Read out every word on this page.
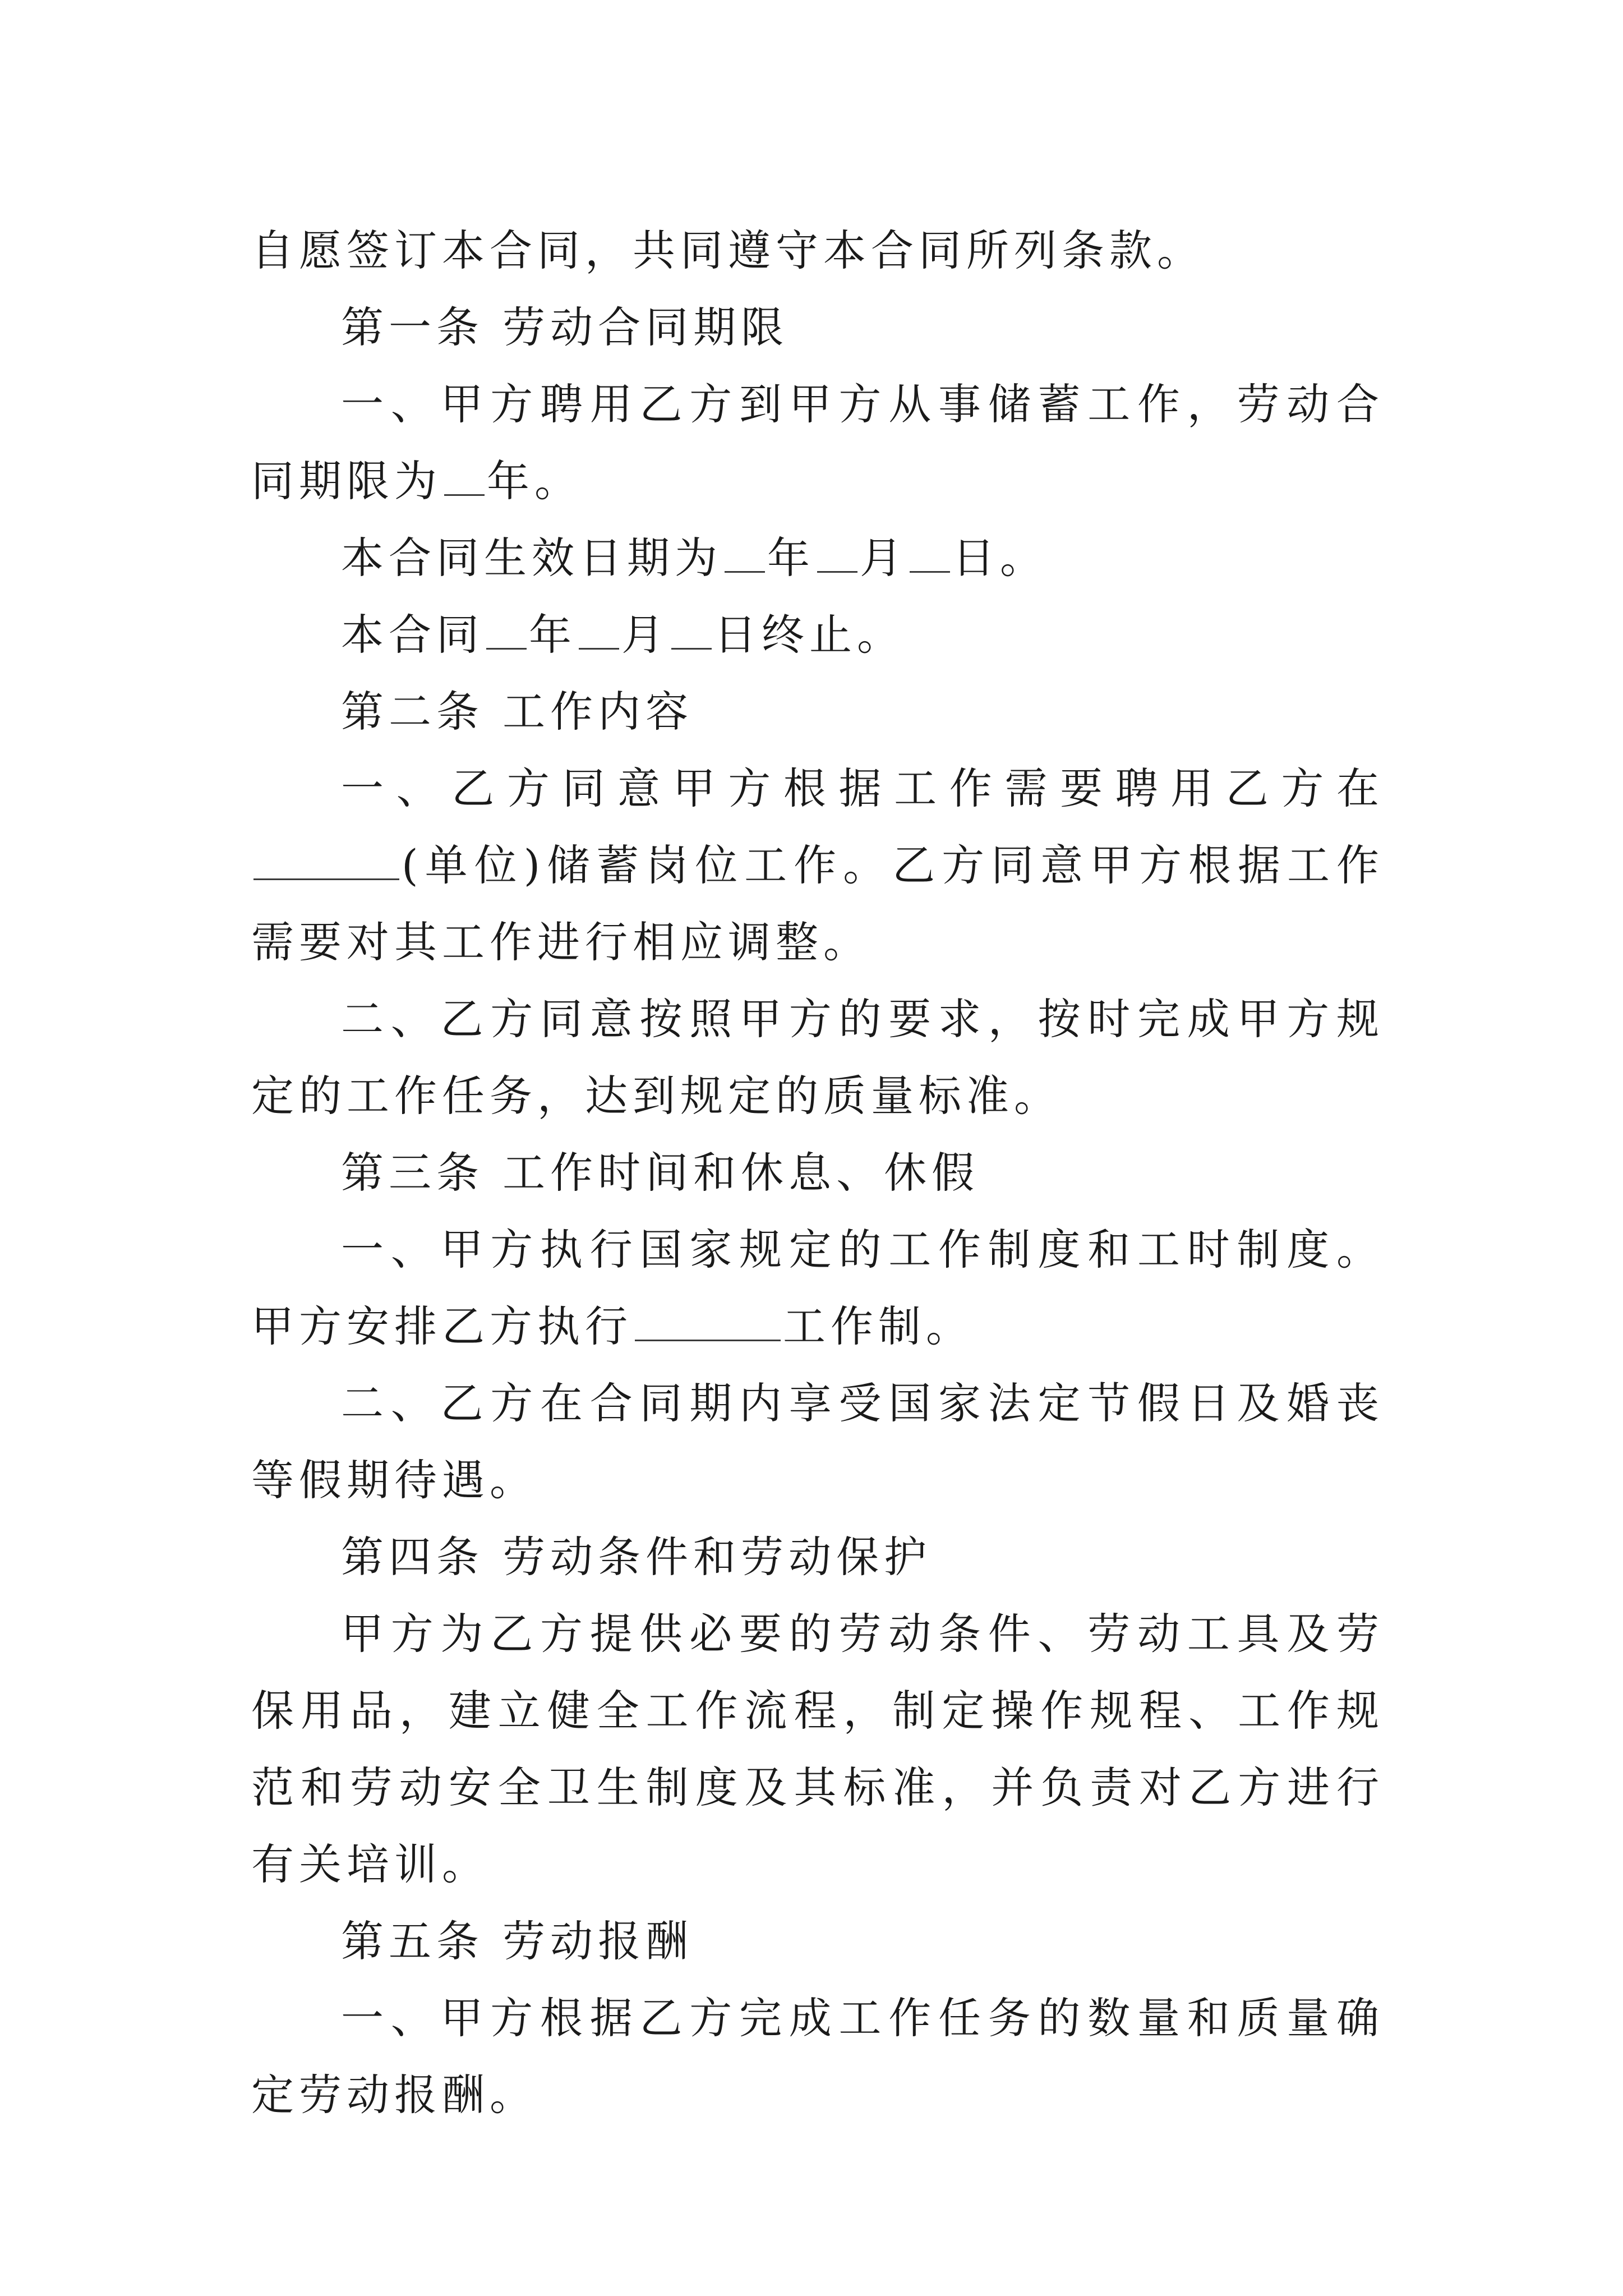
自愿签订本合同，共同遵守本合同所列条款。

第一条 劳动合同期限

一、甲方聘用乙方到甲方从事储蓄工作，劳动合同期限为 年。

本合同生效日期为 年 月 日。

本合同 年 月 日终止。

第二条 工作内容

一、乙方同意甲方根据工作需要聘用乙方在(单位)储蓄岗位工作。乙方同意甲方根据工作需要对其工作进行相应调整。

二、乙方同意按照甲方的要求，按时完成甲方规定的工作任务，达到规定的质量标准。

第三条 工作时间和休息、休假

一、甲方执行国家规定的工作制度和工时制度。甲方安排乙方执行	工作制。

二、乙方在合同期内享受国家法定节假日及婚丧等假期待遇。

第四条 劳动条件和劳动保护

甲方为乙方提供必要的劳动条件、劳动工具及劳保用品，建立健全工作流程，制定操作规程、工作规范和劳动安全卫生制度及其标准，并负责对乙方进行有关培训。

第五条 劳动报酬

一、甲方根据乙方完成工作任务的数量和质量确定劳动报酬。
